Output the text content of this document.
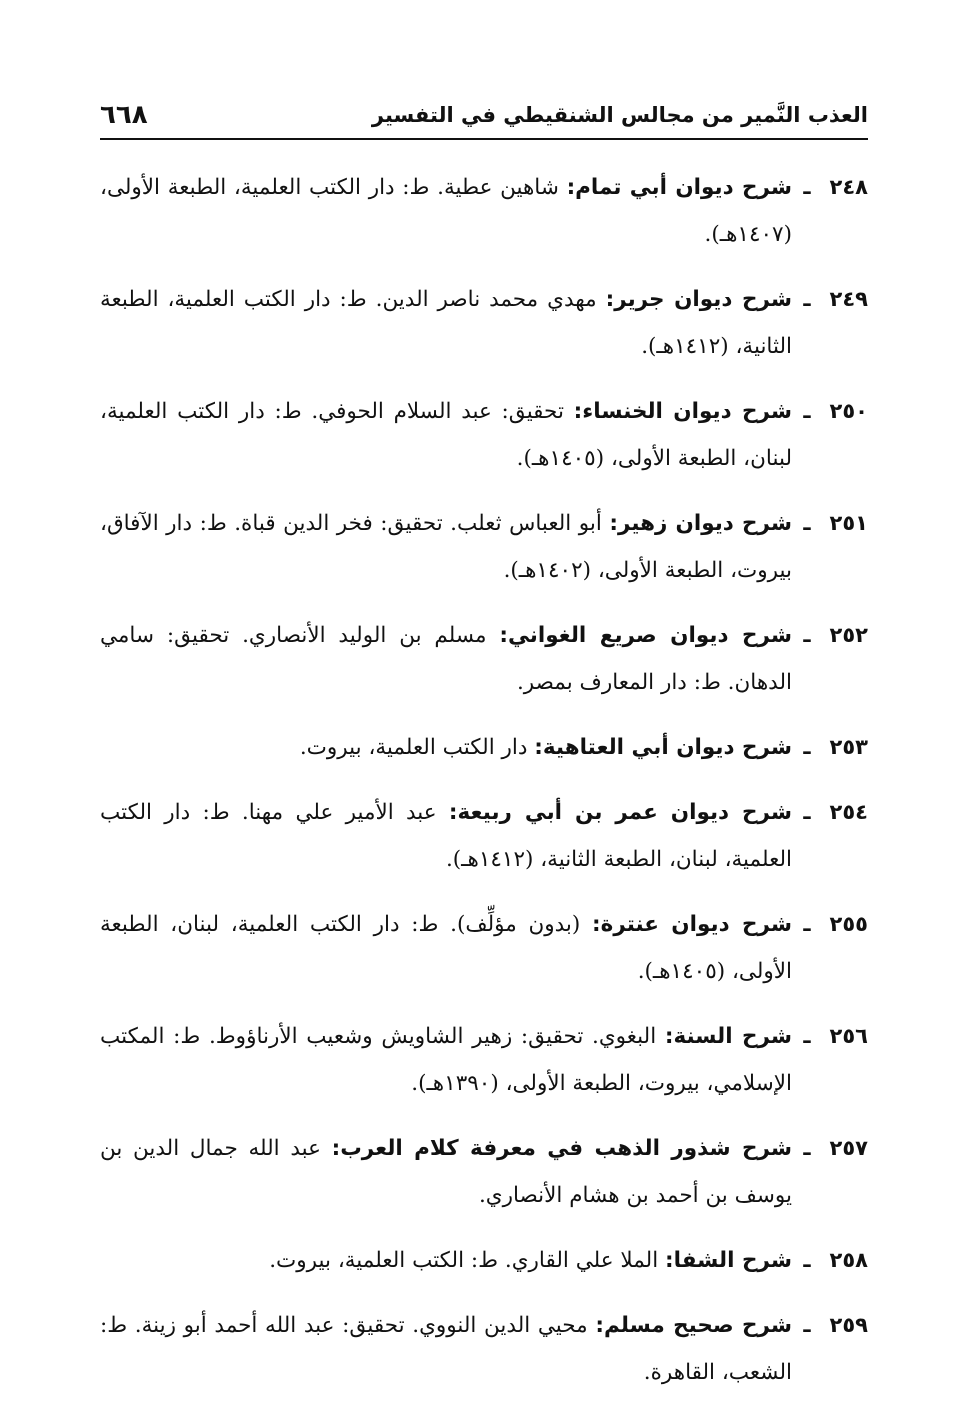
العذب النَّمير من مجالس الشنقيطي في التفسير
٦٦٨
٢٤٨
ـ
شرح ديوان أبي تمام: شاهين عطية. ط: دار الكتب العلمية، الطبعة الأولى، (١٤٠٧هـ).
٢٤٩
ـ
شرح ديوان جرير: مهدي محمد ناصر الدين. ط: دار الكتب العلمية، الطبعة الثانية، (١٤١٢هـ).
٢٥٠
ـ
شرح ديوان الخنساء: تحقيق: عبد السلام الحوفي. ط: دار الكتب العلمية، لبنان، الطبعة الأولى، (١٤٠٥هـ).
٢٥١
ـ
شرح ديوان زهير: أبو العباس ثعلب. تحقيق: فخر الدين قباة. ط: دار الآفاق، بيروت، الطبعة الأولى، (١٤٠٢هـ).
٢٥٢
ـ
شرح ديوان صريع الغواني: مسلم بن الوليد الأنصاري. تحقيق: سامي الدهان. ط: دار المعارف بمصر.
٢٥٣
ـ
شرح ديوان أبي العتاهية: دار الكتب العلمية، بيروت.
٢٥٤
ـ
شرح ديوان عمر بن أبي ربيعة: عبد الأمير علي مهنا. ط: دار الكتب العلمية، لبنان، الطبعة الثانية، (١٤١٢هـ).
٢٥٥
ـ
شرح ديوان عنترة: (بدون مؤلِّف). ط: دار الكتب العلمية، لبنان، الطبعة الأولى، (١٤٠٥هـ).
٢٥٦
ـ
شرح السنة: البغوي. تحقيق: زهير الشاويش وشعيب الأرناؤوط. ط: المكتب الإسلامي، بيروت، الطبعة الأولى، (١٣٩٠هـ).
٢٥٧
ـ
شرح شذور الذهب في معرفة كلام العرب: عبد الله جمال الدين بن يوسف بن أحمد بن هشام الأنصاري.
٢٥٨
ـ
شرح الشفا: الملا علي القاري. ط: الكتب العلمية، بيروت.
٢٥٩
ـ
شرح صحيح مسلم: محيي الدين النووي. تحقيق: عبد الله أحمد أبو زينة. ط: الشعب، القاهرة.
